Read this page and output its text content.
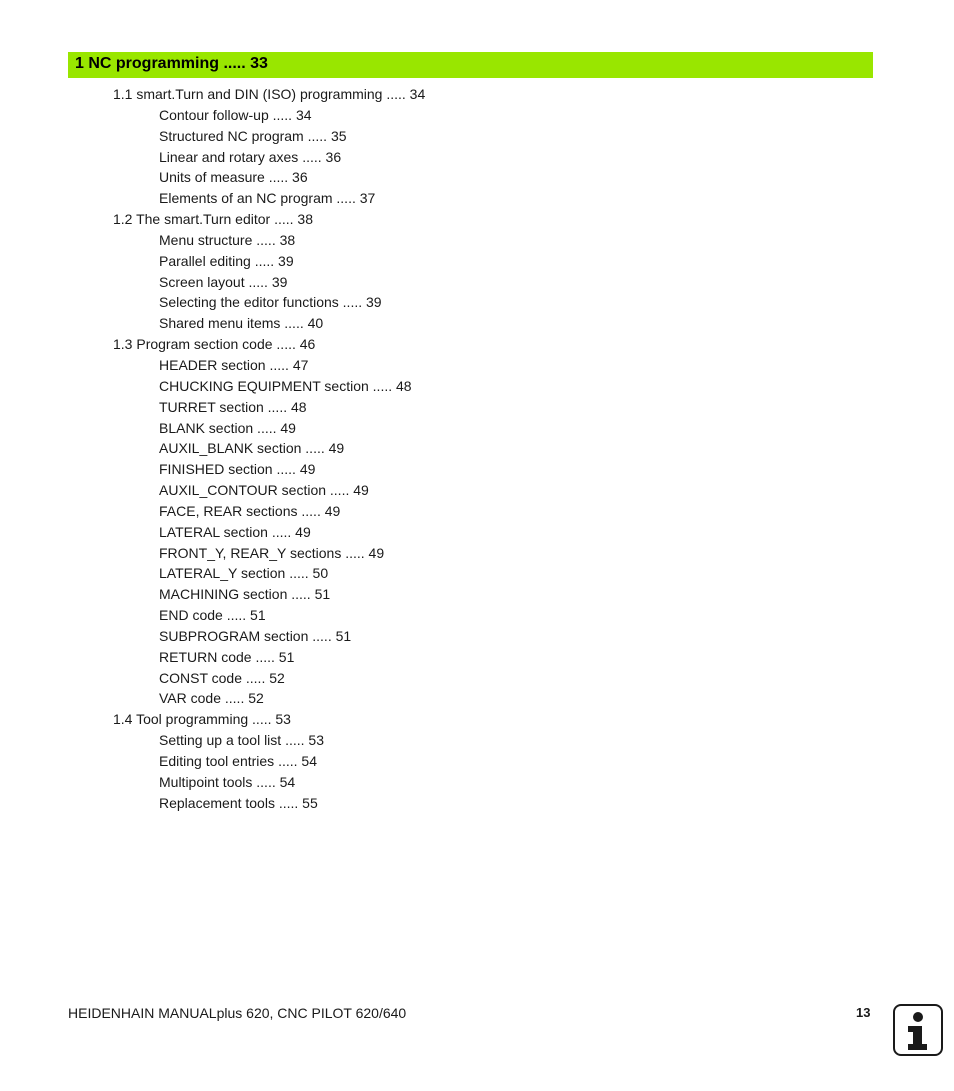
1 NC programming ..... 33
1.1 smart.Turn and DIN (ISO) programming ..... 34
Contour follow-up ..... 34
Structured NC program ..... 35
Linear and rotary axes ..... 36
Units of measure ..... 36
Elements of an NC program ..... 37
1.2 The smart.Turn editor ..... 38
Menu structure ..... 38
Parallel editing ..... 39
Screen layout ..... 39
Selecting the editor functions ..... 39
Shared menu items ..... 40
1.3 Program section code ..... 46
HEADER section ..... 47
CHUCKING EQUIPMENT section ..... 48
TURRET section ..... 48
BLANK section ..... 49
AUXIL_BLANK section ..... 49
FINISHED section ..... 49
AUXIL_CONTOUR section ..... 49
FACE, REAR sections ..... 49
LATERAL section ..... 49
FRONT_Y, REAR_Y sections ..... 49
LATERAL_Y section ..... 50
MACHINING section ..... 51
END code ..... 51
SUBPROGRAM section ..... 51
RETURN code ..... 51
CONST code ..... 52
VAR code ..... 52
1.4 Tool programming ..... 53
Setting up a tool list ..... 53
Editing tool entries ..... 54
Multipoint tools ..... 54
Replacement tools ..... 55
HEIDENHAIN MANUALplus 620, CNC PILOT 620/640	13
